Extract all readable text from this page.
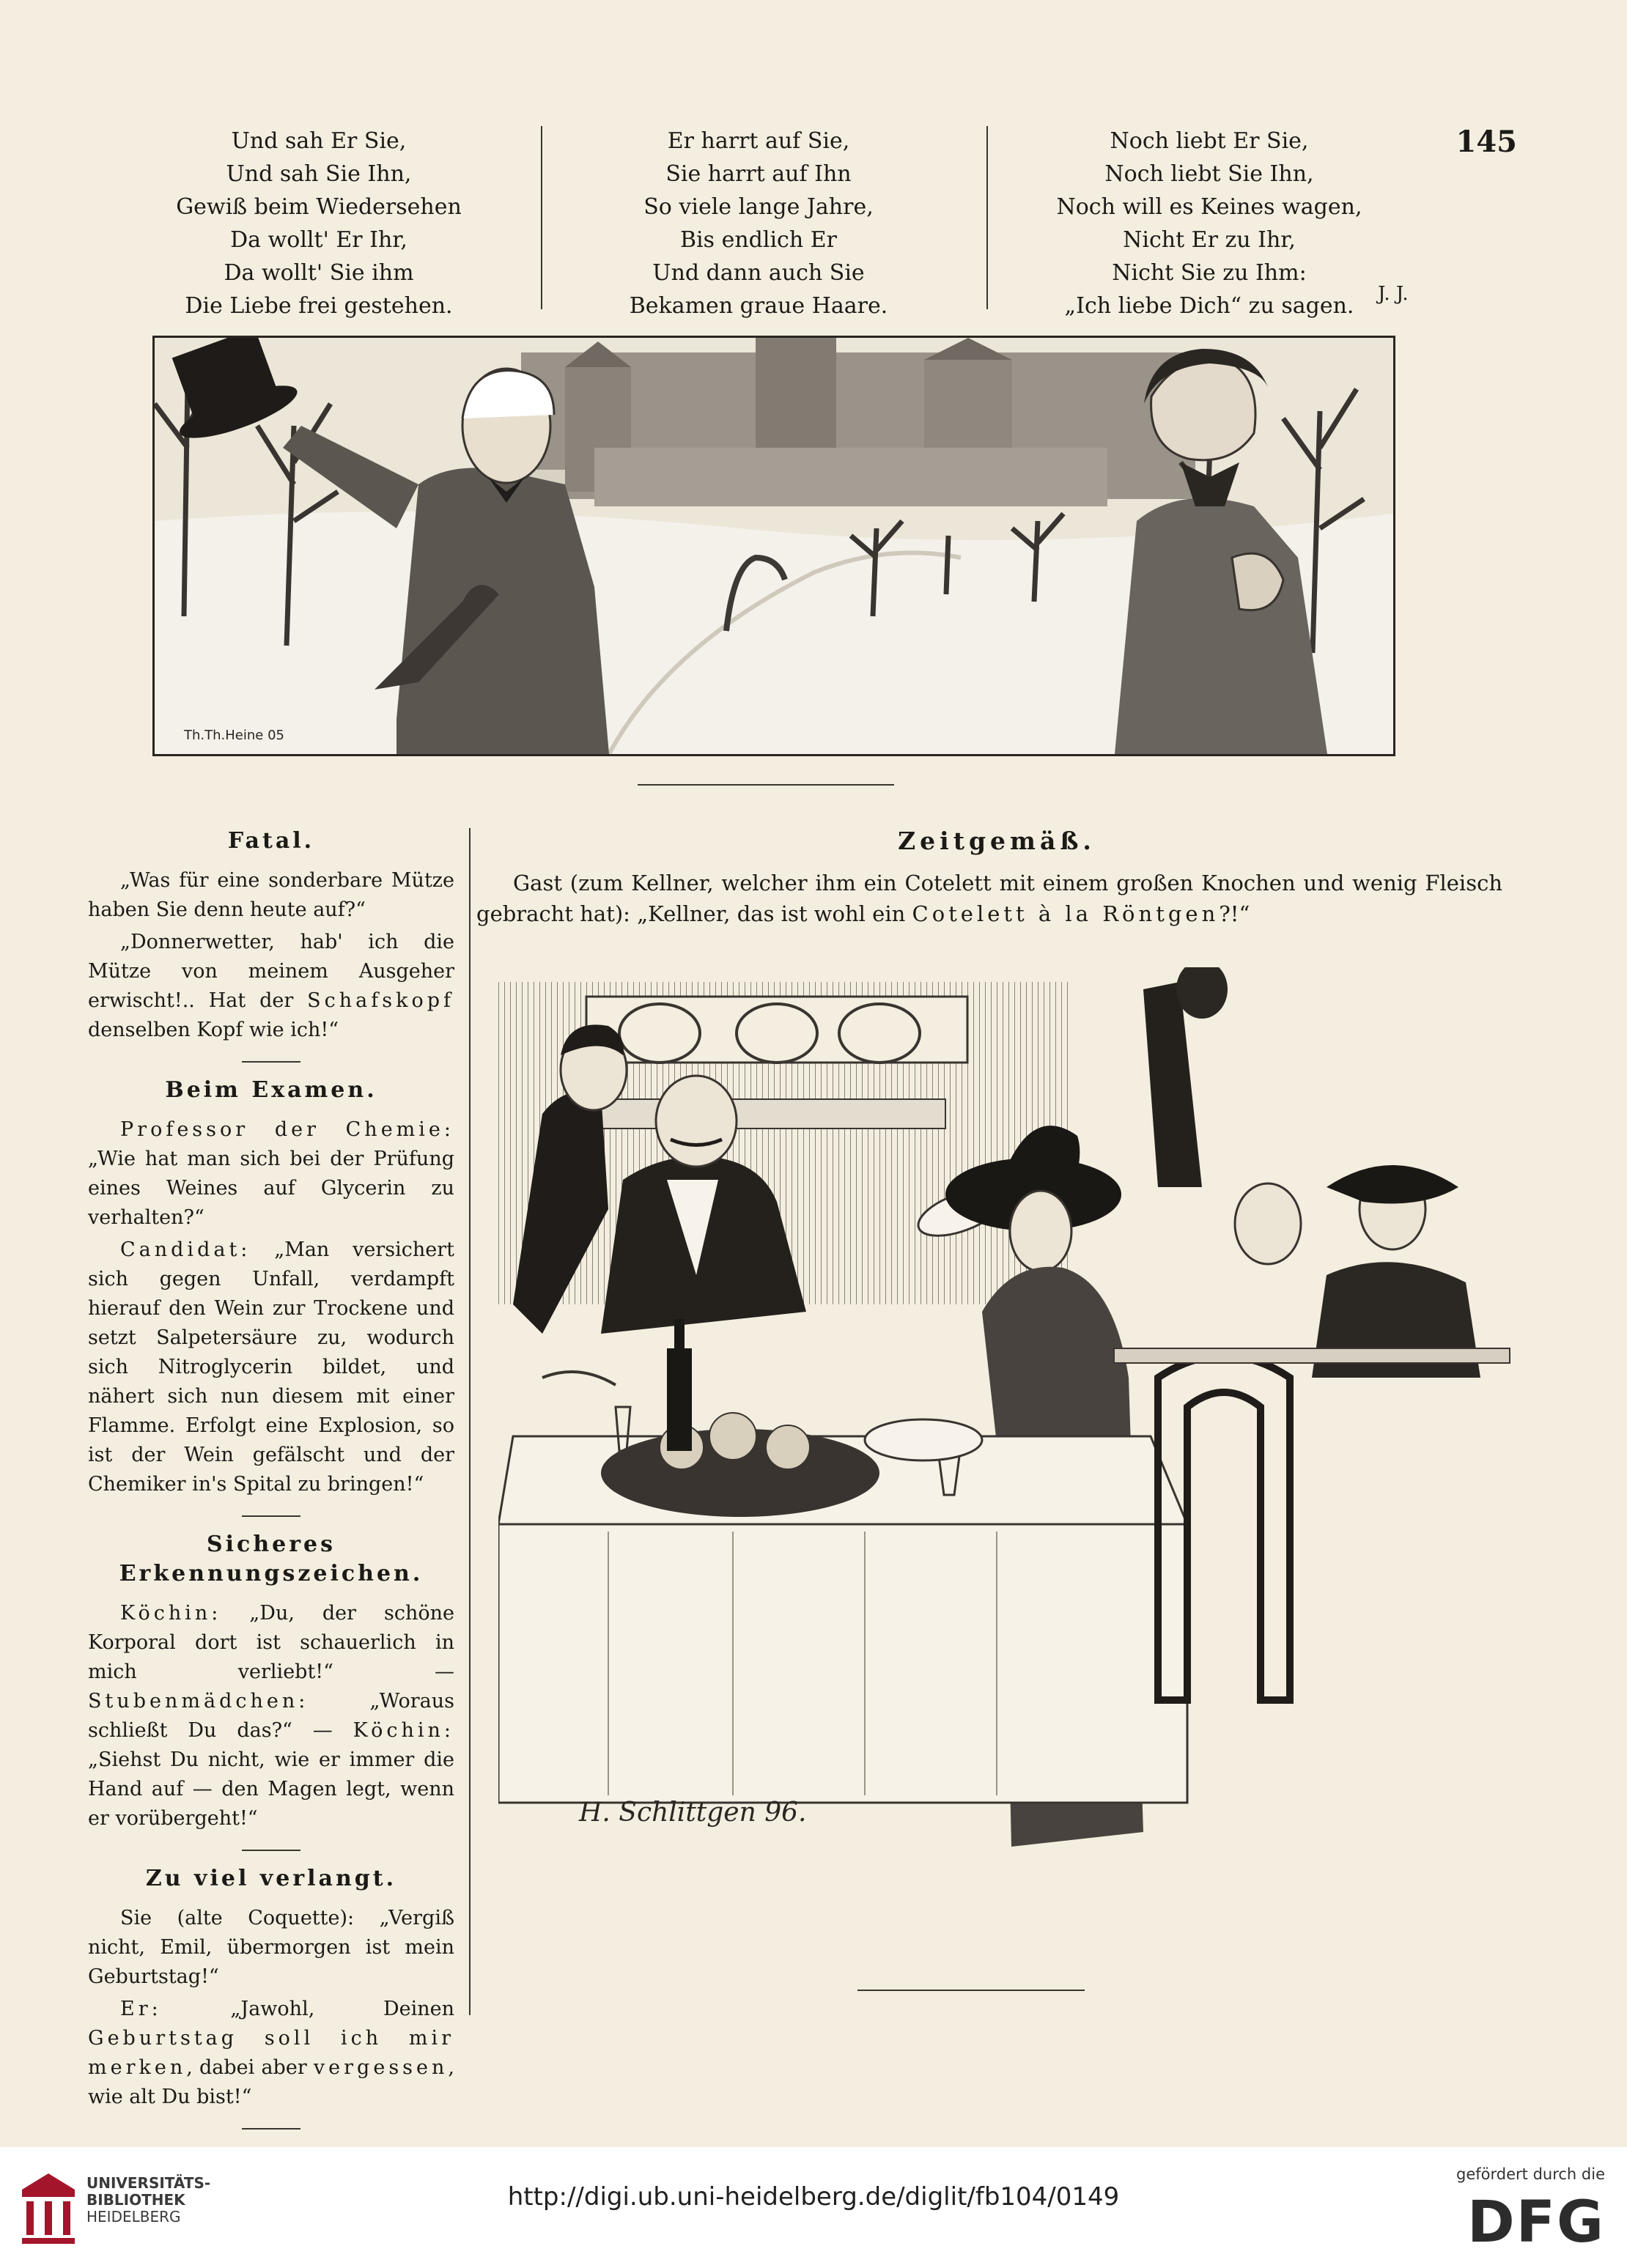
145
Und sah Er Sie,
Und sah Sie Ihn,
Gewiß beim Wiedersehen
Da wollt' Er Ihr,
Da wollt' Sie ihm
Die Liebe frei gestehen.
Er harrt auf Sie,
Sie harrt auf Ihn
So viele lange Jahre,
Bis endlich Er
Und dann auch Sie
Bekamen graue Haare.
Noch liebt Er Sie,
Noch liebt Sie Ihn,
Noch will es Keines wagen,
Nicht Er zu Ihr,
Nicht Sie zu Ihm:
„Ich liebe Dich“ zu sagen.	J. J.
Th.Th.Heine 05
Fatal.

„Was für eine sonderbare Mütze haben Sie denn heute auf?“

„Donnerwetter, hab' ich die Mütze von meinem Ausgeher erwischt!.. Hat der Schafskopf denselben Kopf wie ich!“

Beim Examen.

Professor der Chemie: „Wie hat man sich bei der Prüfung eines Weines auf Glycerin zu verhalten?“

Candidat: „Man versichert sich gegen Unfall, verdampft hierauf den Wein zur Trockene und setzt Salpetersäure zu, wodurch sich Nitroglycerin bildet, und nähert sich nun diesem mit einer Flamme. Erfolgt eine Explosion, so ist der Wein gefälscht und der Chemiker in's Spital zu bringen!“

Sicheres Erkennungszeichen.

Köchin: „Du, der schöne Korporal dort ist schauerlich in mich verliebt!“ — Stubenmädchen: „Woraus schließt Du das?“ — Köchin: „Siehst Du nicht, wie er immer die Hand auf — den Magen legt, wenn er vorübergeht!“

Zu viel verlangt.

Sie (alte Coquette): „Vergiß nicht, Emil, übermorgen ist mein Geburtstag!“

Er: „Jawohl, Deinen Geburtstag soll ich mir merken, dabei aber vergessen, wie alt Du bist!“

Zeitgemäß.
Gast (zum Kellner, welcher ihm ein Cotelett mit einem großen Knochen und wenig Fleisch gebracht hat): „Kellner, das ist wohl ein Cotelett à la Röntgen?!“
H. Schlittgen 96.
UNIVERSITÄTS-
BIBLIOTHEK
HEIDELBERG
http://digi.ub.uni-heidelberg.de/diglit/fb104/0149
gefördert durch die
DFG
